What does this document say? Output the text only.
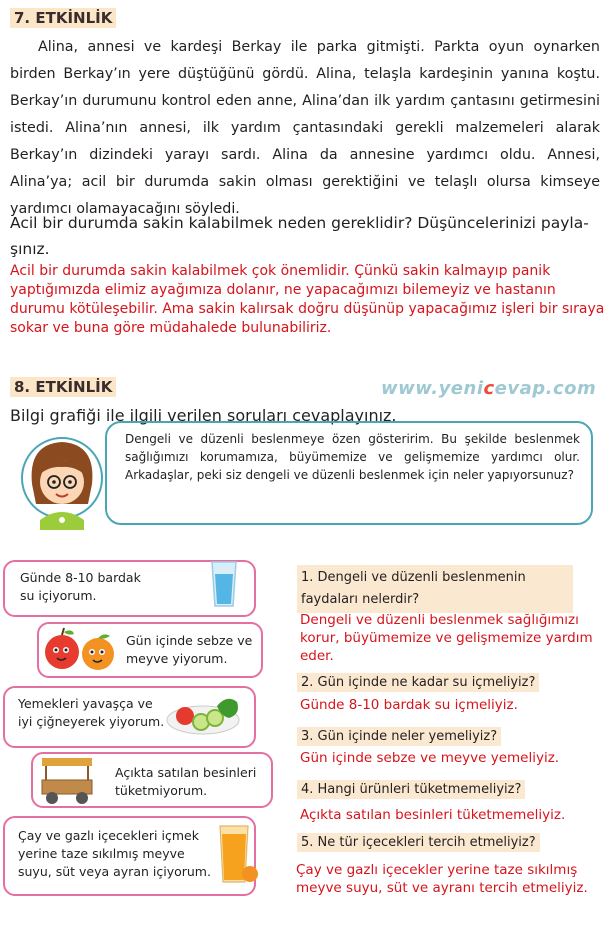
7. ETKİNLİK

Alina, annesi ve kardeşi Berkay ile parka gitmişti. Parkta oyun oynarken birden Berkay’ın yere düştüğünü gördü. Alina, telaşla kardeşinin yanına koştu. Berkay’ın durumunu kontrol eden anne, Alina’dan ilk yardım çantasını getirmesini istedi. Alina’nın annesi, ilk yardım çantasındaki gerekli malzemeleri alarak Berkay’ın dizindeki yarayı sardı. Alina da annesine yardımcı oldu. Annesi, Alina’ya; acil bir durumda sakin olması gerektiğini ve telaşlı olursa kimseye yardımcı olamayacağını söyledi.

Acil bir durumda sakin kalabilmek neden gereklidir? Düşüncelerinizi paylaşınız.
Acil bir durumda sakin kalabilmek çok önemlidir. Çünkü sakin kalmayıp panik yaptığımızda elimiz ayağımıza dolanır, ne yapacağımızı bilemeyiz ve hastanın durumu kötüleşebilir. Ama sakin kalırsak doğru düşünüp yapacağımız işleri bir sıraya sokar ve buna göre müdahalede bulunabiliriz.
8. ETKİNLİK	www.yenicevap.com
Bilgi grafiği ile ilgili verilen soruları cevaplayınız.
Dengeli ve düzenli beslenmeye özen gösteririm. Bu şekilde beslenmek sağlığımızı korumamıza, büyümemize ve gelişmemize yardımcı olur. Arkadaşlar, peki siz dengeli ve düzenli beslenmek için neler yapıyorsunuz?
Günde 8-10 bardak su içiyorum.
Gün içinde sebze ve meyve yiyorum.
Yemekleri yavaşça ve iyi çiğneyerek yiyorum.
Açıkta satılan besinleri tüketmiyorum.
Çay ve gazlı içecekleri içmek yerine taze sıkılmış meyve suyu, süt veya ayran içiyorum.
1. Dengeli ve düzenli beslenmenin faydaları nelerdir?
Dengeli ve düzenli beslenmek sağlığımızı korur, büyümemize ve gelişmemize yardım eder.
2. Gün içinde ne kadar su içmeliyiz?
Günde 8-10 bardak su içmeliyiz.
3. Gün içinde neler yemeliyiz?
Gün içinde sebze ve meyve yemeliyiz.
4. Hangi ürünleri tüketmemeliyiz?
Açıkta satılan besinleri tüketmemeliyiz.
5. Ne tür içecekleri tercih etmeliyiz?
Çay ve gazlı içecekler yerine taze sıkılmış meyve suyu, süt ve ayranı tercih etmeliyiz.
